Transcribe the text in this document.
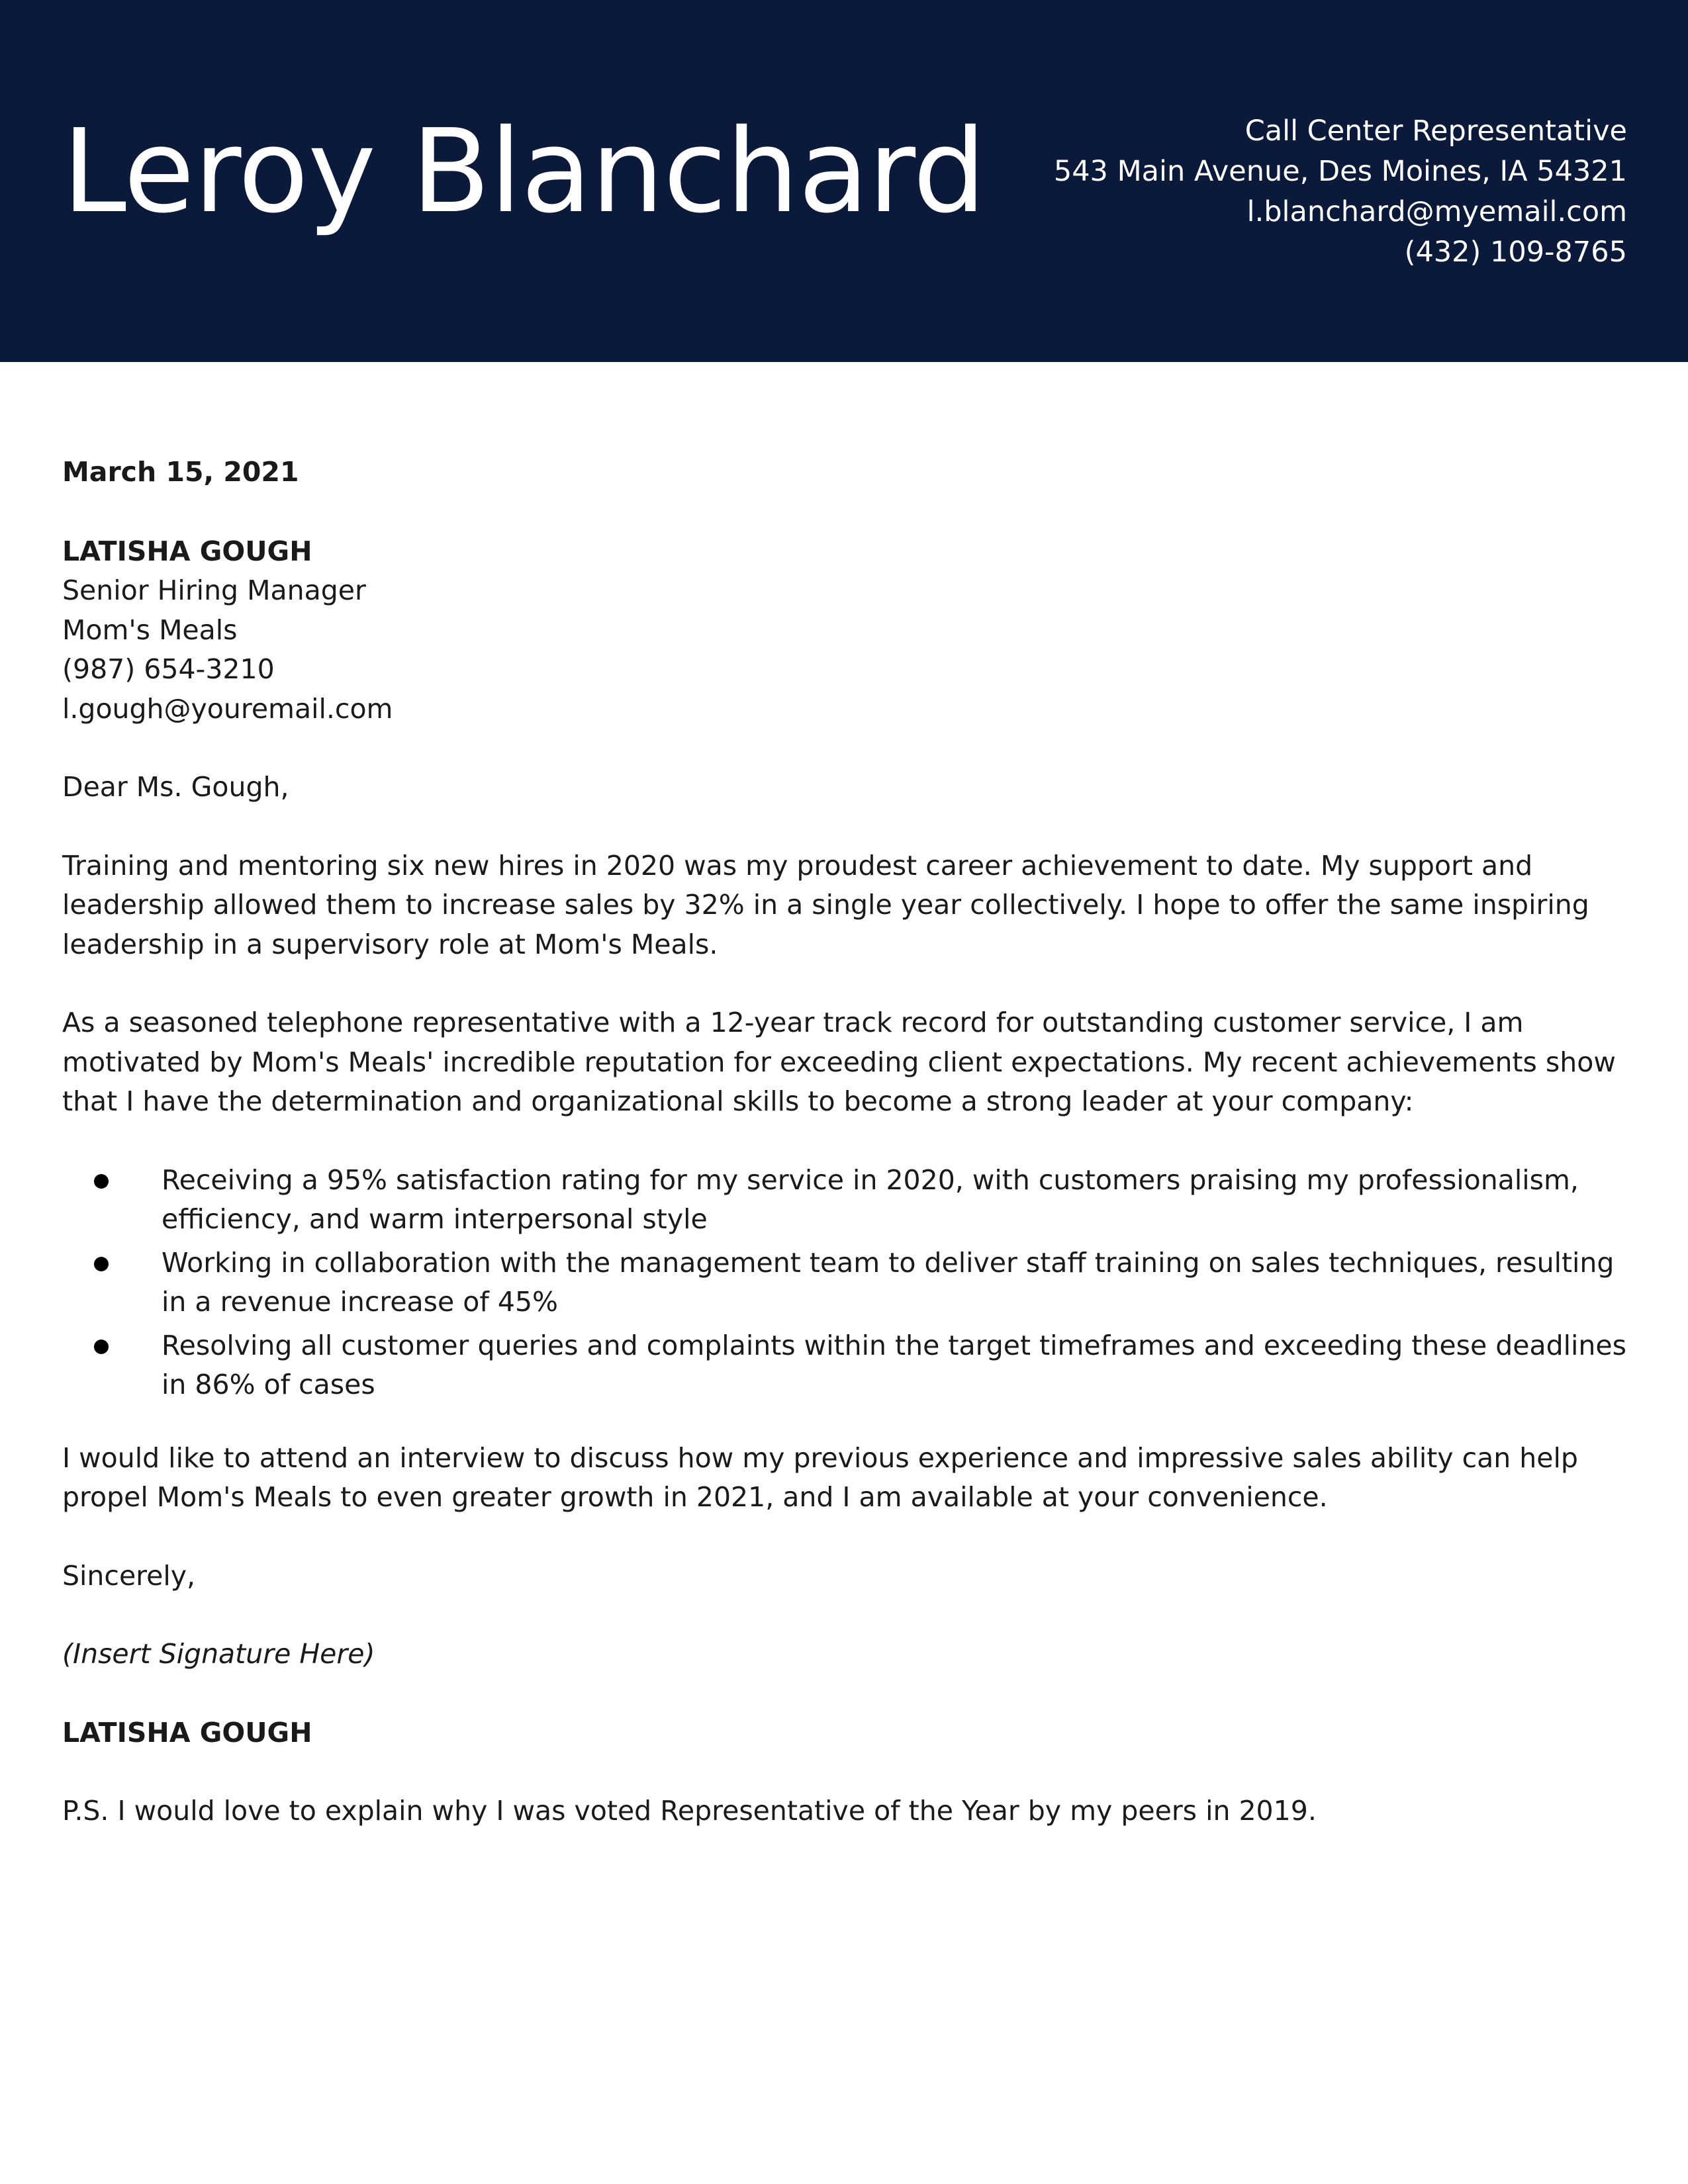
Leroy Blanchard	Call Center Representative
543 Main Avenue, Des Moines, IA 54321
l.blanchard@myemail.com
(432) 109-8765

March 15, 2021

LATISHA GOUGH

Senior Hiring Manager

Mom's Meals

(987) 654-3210

l.gough@youremail.com

Dear Ms. Gough,

Training and mentoring six new hires in 2020 was my proudest career achievement to date. My support and leadership allowed them to increase sales by 32% in a single year collectively. I hope to offer the same inspiring leadership in a supervisory role at Mom's Meals.

As a seasoned telephone representative with a 12-year track record for outstanding customer service, I am motivated by Mom's Meals' incredible reputation for exceeding client expectations. My recent achievements show that I have the determination and organizational skills to become a strong leader at your company:

Receiving a 95% satisfaction rating for my service in 2020, with customers praising my professionalism, efficiency, and warm interpersonal style
Working in collaboration with the management team to deliver staff training on sales techniques, resulting in a revenue increase of 45%
Resolving all customer queries and complaints within the target timeframes and exceeding these deadlines in 86% of cases

I would like to attend an interview to discuss how my previous experience and impressive sales ability can help propel Mom's Meals to even greater growth in 2021, and I am available at your convenience.

Sincerely,

(Insert Signature Here)

LATISHA GOUGH

P.S. I would love to explain why I was voted Representative of the Year by my peers in 2019.
